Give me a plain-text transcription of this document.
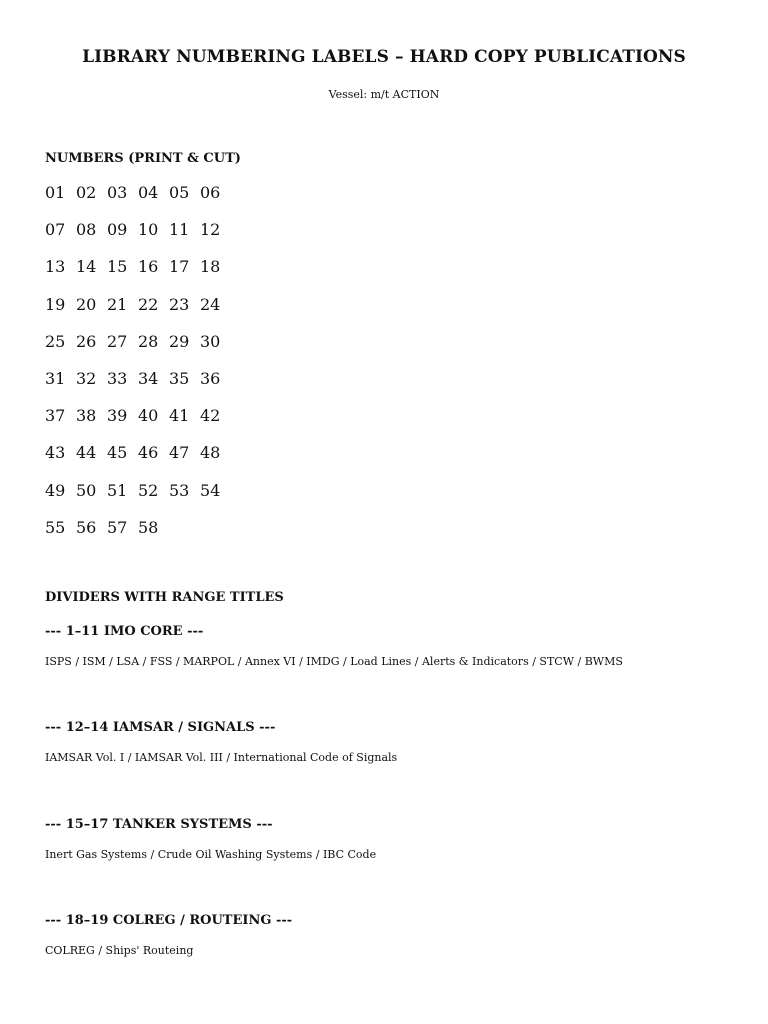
LIBRARY NUMBERING LABELS – HARD COPY PUBLICATIONS
Vessel: m/t ACTION
NUMBERS (PRINT & CUT)
01 02 03 04 05 06
07 08 09 10 11 12
13 14 15 16 17 18
19 20 21 22 23 24
25 26 27 28 29 30
31 32 33 34 35 36
37 38 39 40 41 42
43 44 45 46 47 48
49 50 51 52 53 54
55 56 57 58
DIVIDERS WITH RANGE TITLES

--- 1–11 IMO CORE ---

ISPS / ISM / LSA / FSS / MARPOL / Annex VI / IMDG / Load Lines / Alerts & Indicators / STCW / BWMS

--- 12–14 IAMSAR / SIGNALS ---

IAMSAR Vol. I / IAMSAR Vol. III / International Code of Signals

--- 15–17 TANKER SYSTEMS ---

Inert Gas Systems / Crude Oil Washing Systems / IBC Code

--- 18–19 COLREG / ROUTEING ---

COLREG / Ships' Routeing
